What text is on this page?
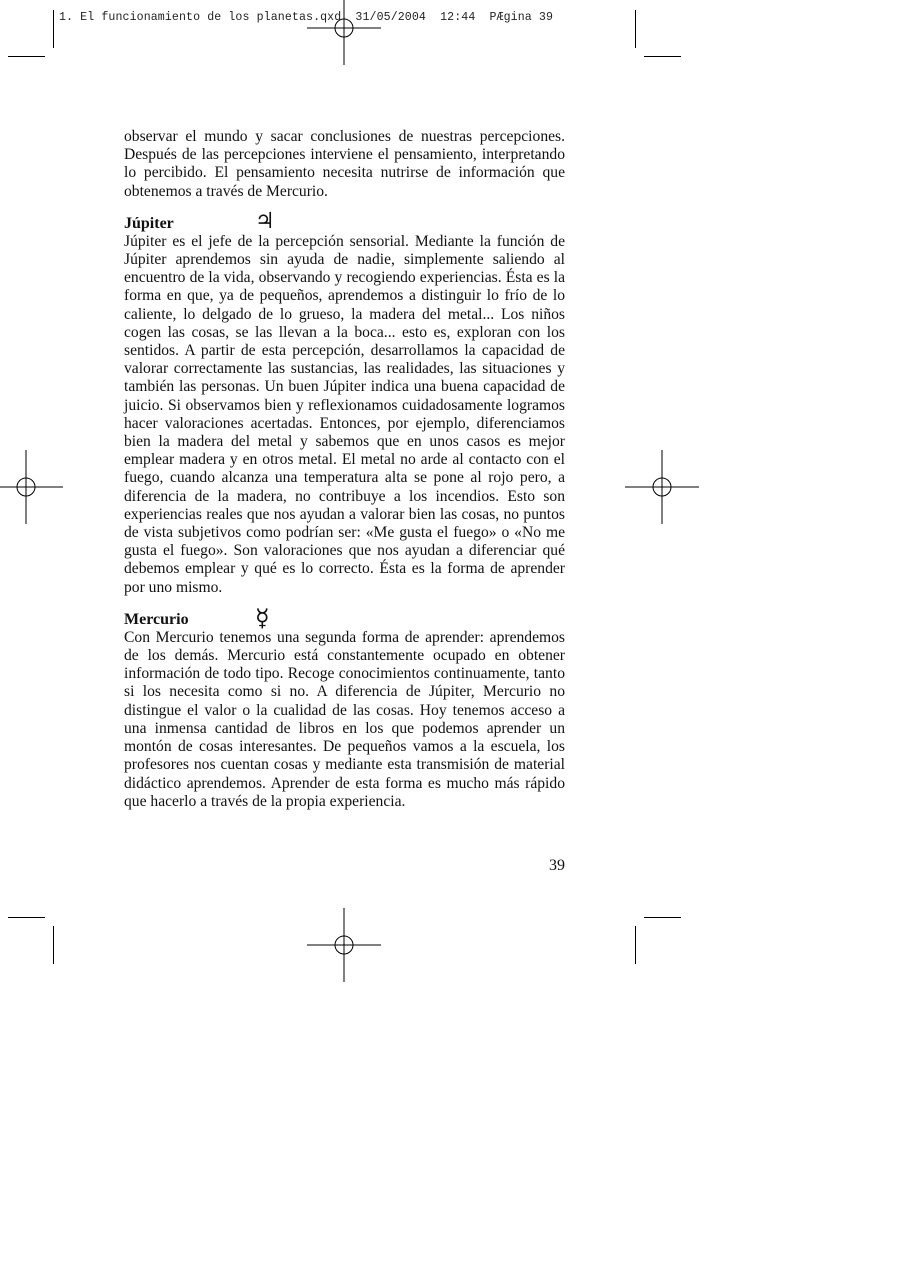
1. El funcionamiento de los planetas.qxd  31/05/2004  12:44  PÆgina 39

observar el mundo y sacar conclusiones de nuestras percepciones. Después de las percepciones interviene el pensamiento, interpretando lo percibido. El pensamiento necesita nutrirse de información que obtenemos a través de Mercurio.

Júpiter	♃

Júpiter es el jefe de la percepción sensorial. Mediante la función de Júpiter aprendemos sin ayuda de nadie, simplemente saliendo al encuentro de la vida, observando y recogiendo experiencias. Ésta es la forma en que, ya de pequeños, aprendemos a distinguir lo frío de lo caliente, lo delgado de lo grueso, la madera del metal... Los niños cogen las cosas, se las llevan a la boca... esto es, exploran con los sentidos. A partir de esta percepción, desarrollamos la capacidad de valorar correctamente las sustancias, las realidades, las situaciones y también las personas. Un buen Júpiter indica una buena capacidad de juicio. Si observamos bien y reflexionamos cuidadosamente logramos hacer valoraciones acertadas. Entonces, por ejemplo, diferenciamos bien la madera del metal y sabemos que en unos casos es mejor emplear madera y en otros metal. El metal no arde al contacto con el fuego, cuando alcanza una temperatura alta se pone al rojo pero, a diferencia de la madera, no contribuye a los incendios. Esto son experiencias reales que nos ayudan a valorar bien las cosas, no puntos de vista subjetivos como podrían ser: «Me gusta el fuego» o «No me gusta el fuego». Son valoraciones que nos ayudan a diferenciar qué debemos emplear y qué es lo correcto. Ésta es la forma de aprender por uno mismo.

Mercurio	☿

Con Mercurio tenemos una segunda forma de aprender: aprendemos de los demás. Mercurio está constantemente ocupado en obtener información de todo tipo. Recoge conocimientos continuamente, tanto si los necesita como si no. A diferencia de Júpiter, Mercurio no distingue el valor o la cualidad de las cosas. Hoy tenemos acceso a una inmensa cantidad de libros en los que podemos aprender un montón de cosas interesantes. De pequeños vamos a la escuela, los profesores nos cuentan cosas y mediante esta transmisión de material didáctico aprendemos. Aprender de esta forma es mucho más rápido que hacerlo a través de la propia experiencia.

39
